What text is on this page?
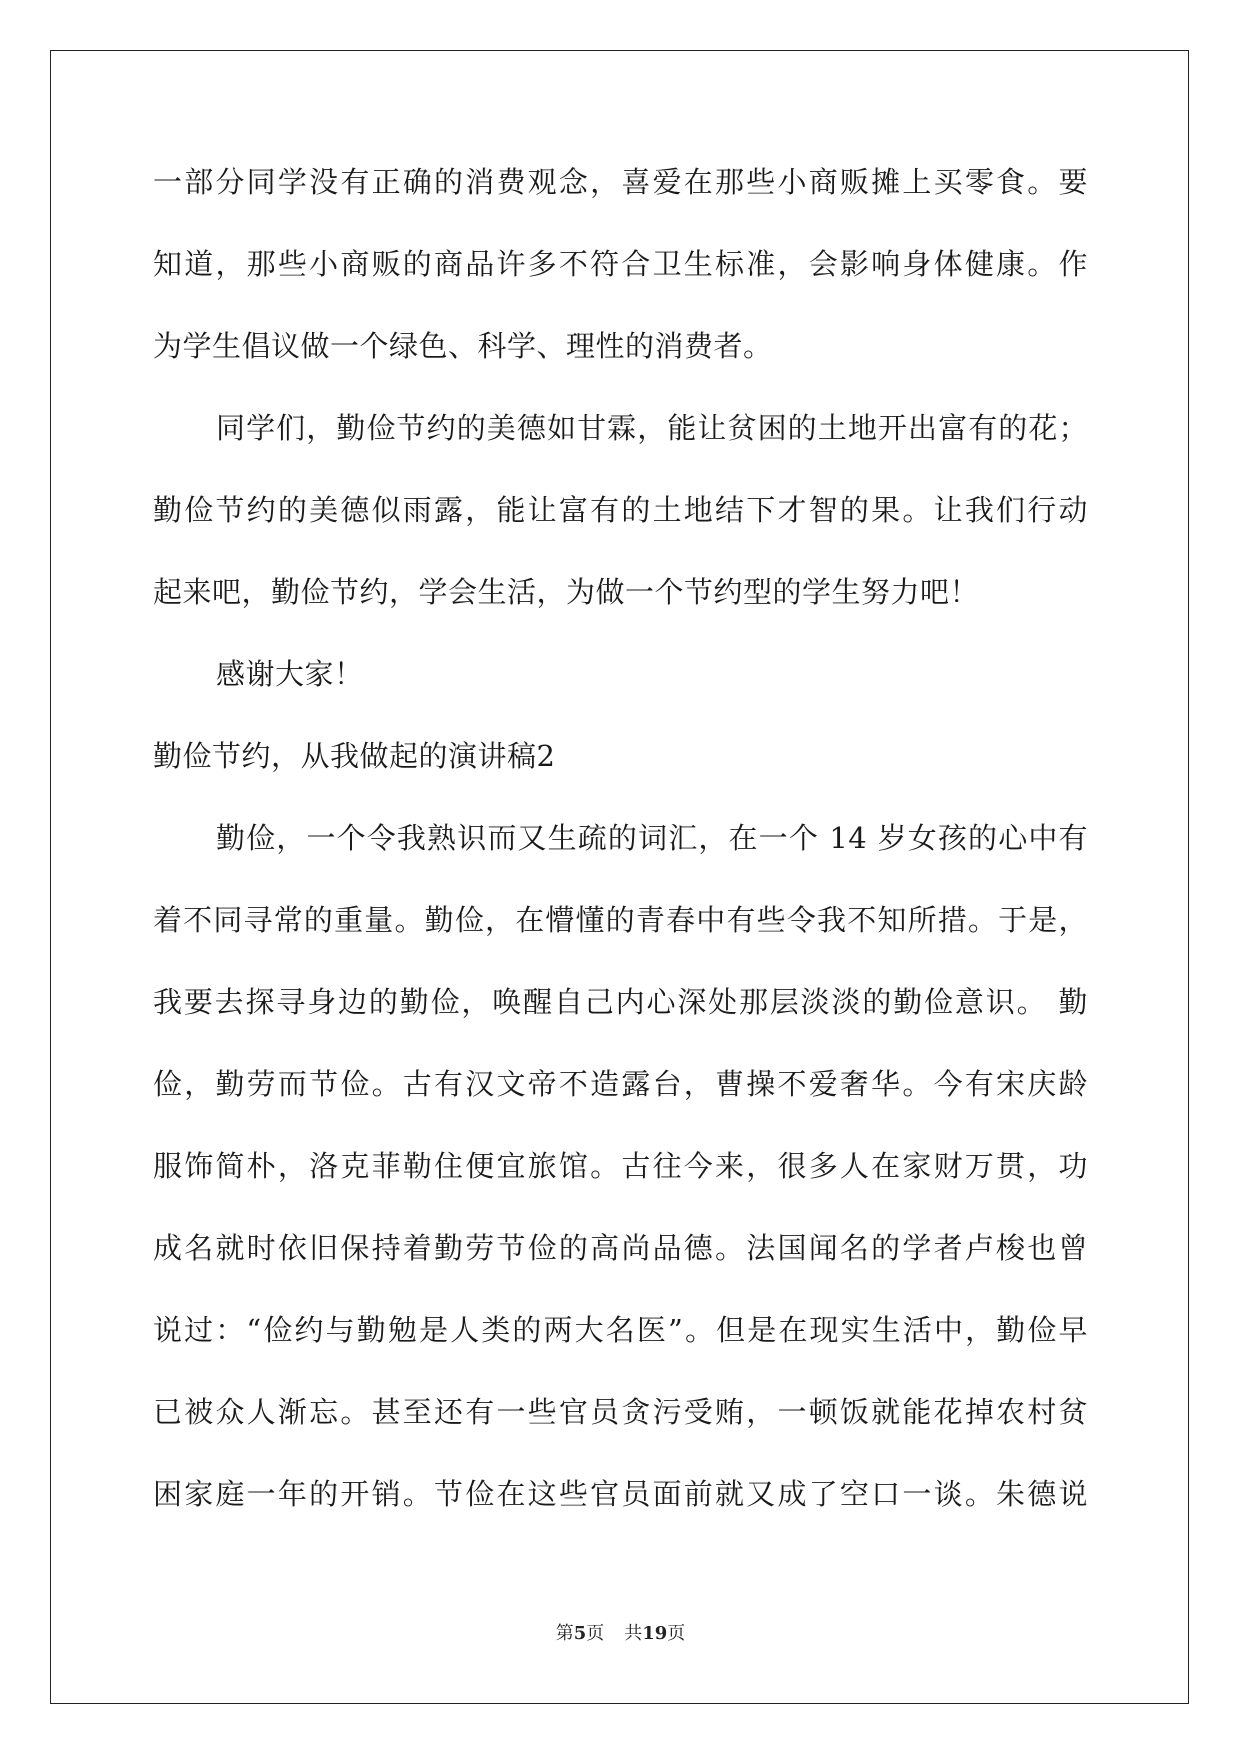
一部分同学没有正确的消费观念，喜爱在那些小商贩摊上买零食。要
知道，那些小商贩的商品许多不符合卫生标准，会影响身体健康。作
为学生倡议做一个绿色、科学、理性的消费者。
同学们，勤俭节约的美德如甘霖，能让贫困的土地开出富有的花；
勤俭节约的美德似雨露，能让富有的土地结下才智的果。让我们行动
起来吧，勤俭节约，学会生活，为做一个节约型的学生努力吧！
感谢大家！
勤俭节约，从我做起的演讲稿2
勤俭，一个令我熟识而又生疏的词汇，在一个 14 岁女孩的心中有
着不同寻常的重量。勤俭，在懵懂的青春中有些令我不知所措。于是，
我要去探寻身边的勤俭，唤醒自己内心深处那层淡淡的勤俭意识。 勤
俭，勤劳而节俭。古有汉文帝不造露台，曹操不爱奢华。今有宋庆龄
服饰简朴，洛克菲勒住便宜旅馆。古往今来，很多人在家财万贯，功
成名就时依旧保持着勤劳节俭的高尚品德。法国闻名的学者卢梭也曾
说过：“俭约与勤勉是人类的两大名医”。但是在现实生活中，勤俭早
已被众人渐忘。甚至还有一些官员贪污受贿，一顿饭就能花掉农村贫
困家庭一年的开销。节俭在这些官员面前就又成了空口一谈。朱德说
第5页 共19页
